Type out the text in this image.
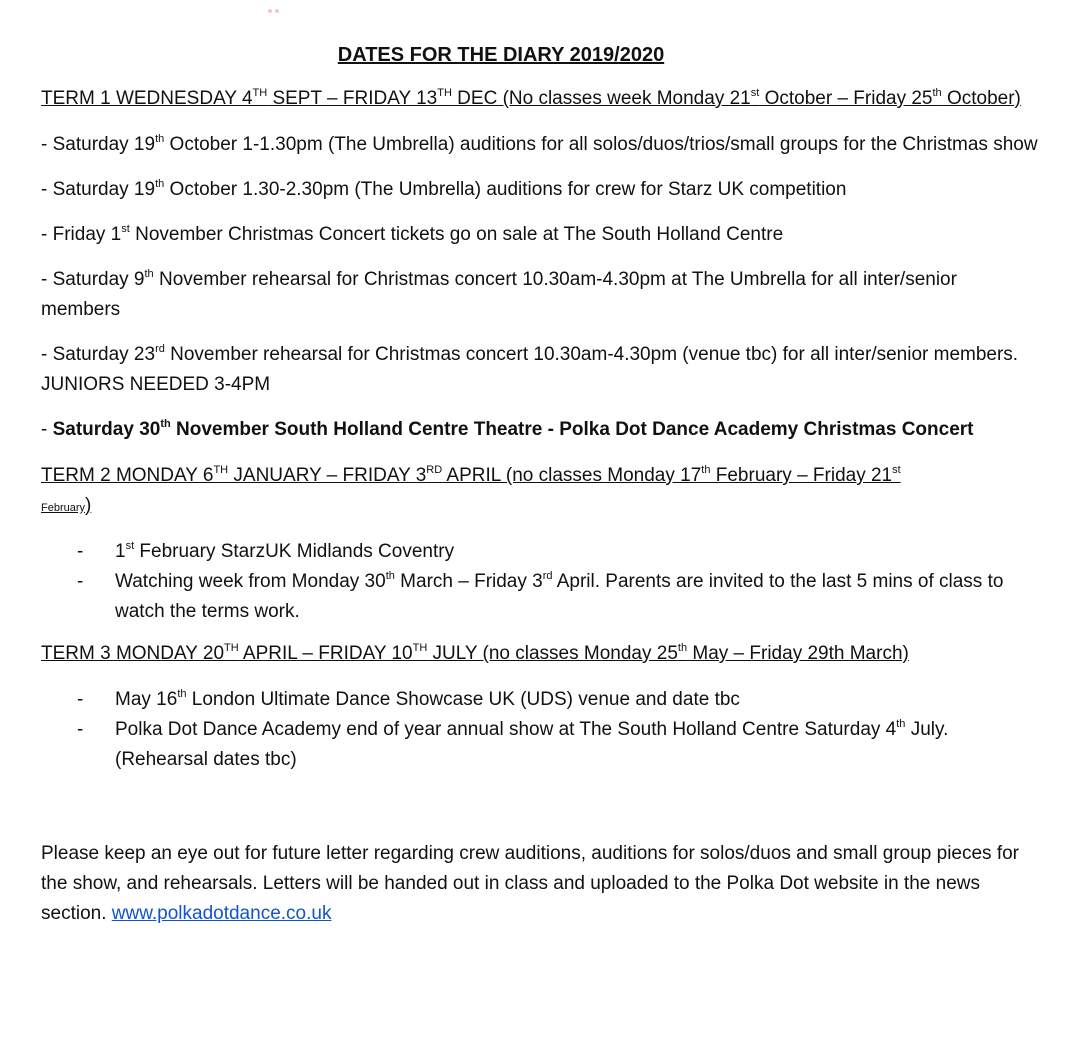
DATES FOR THE DIARY 2019/2020
TERM 1 WEDNESDAY 4TH SEPT – FRIDAY 13TH DEC (No classes week Monday 21st October – Friday 25th October)
- Saturday 19th October 1-1.30pm (The Umbrella) auditions for all solos/duos/trios/small groups for the Christmas show
- Saturday 19th October 1.30-2.30pm (The Umbrella) auditions for crew for Starz UK competition
- Friday 1st November Christmas Concert tickets go on sale at The South Holland Centre
- Saturday 9th November rehearsal for Christmas concert 10.30am-4.30pm at The Umbrella for all inter/senior members
- Saturday 23rd November rehearsal for Christmas concert 10.30am-4.30pm (venue tbc) for all inter/senior members. JUNIORS NEEDED 3-4PM
- Saturday 30th November South Holland Centre Theatre - Polka Dot Dance Academy Christmas Concert
TERM 2 MONDAY 6TH JANUARY – FRIDAY 3RD APRIL (no classes Monday 17th February – Friday 21st
February)
- 1st February StarzUK Midlands Coventry
- Watching week from Monday 30th March – Friday 3rd April. Parents are invited to the last 5 mins of class to watch the terms work.
TERM 3 MONDAY 20TH APRIL – FRIDAY 10TH JULY (no classes Monday 25th May – Friday 29th March)
- May 16th London Ultimate Dance Showcase UK (UDS) venue and date tbc
- Polka Dot Dance Academy end of year annual show at The South Holland Centre Saturday 4th July. (Rehearsal dates tbc)
Please keep an eye out for future letter regarding crew auditions, auditions for solos/duos and small group pieces for the show, and rehearsals. Letters will be handed out in class and uploaded to the Polka Dot website in the news section. www.polkadotdance.co.uk
